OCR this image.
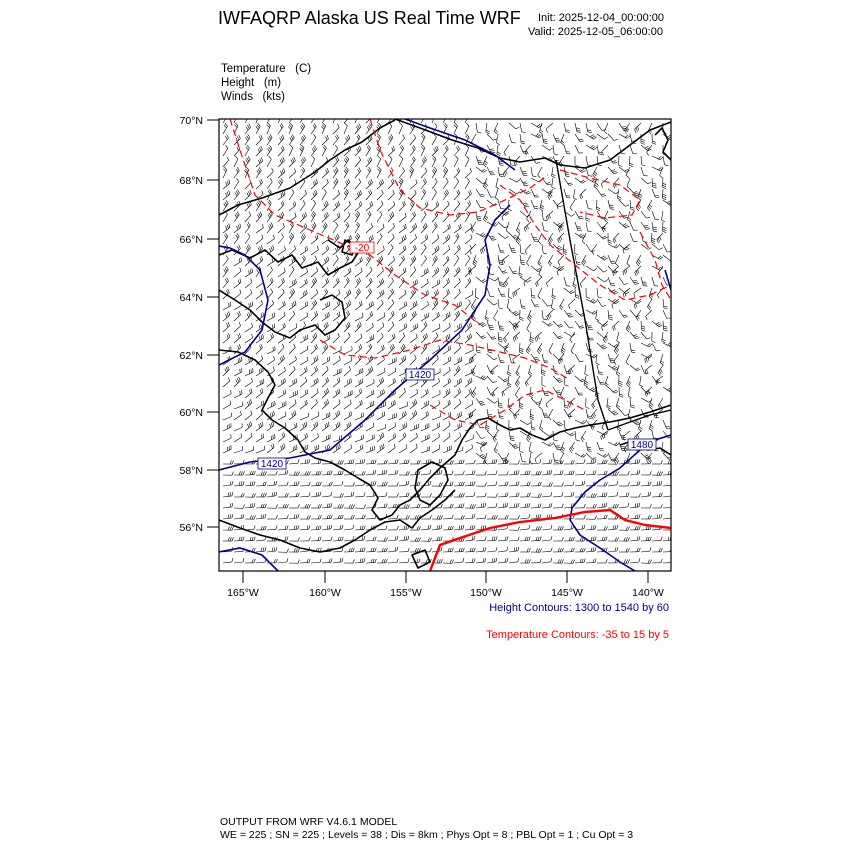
IWFAQRP Alaska US Real Time WRF Init: 2025-12-04_00:00:00
Valid: 2025-12-05_06:00:00
Temperature (C)
Height (m)
Winds (kts)
1420
1420
1480
-20
70°N
68°N
66°N
64°N
62°N
60°N
58°N
56°N
165°W	160°W	155°W	150°W	145°W	140°W
Height Contours: 1300 to 1540 by 60
Temperature Contours: -35 to 15 by 5
OUTPUT FROM WRF V4.6.1 MODEL
WE = 225 ; SN = 225 ; Levels = 38 ; Dis = 8km ; Phys Opt = 8 ; PBL Opt = 1 ; Cu Opt = 3
